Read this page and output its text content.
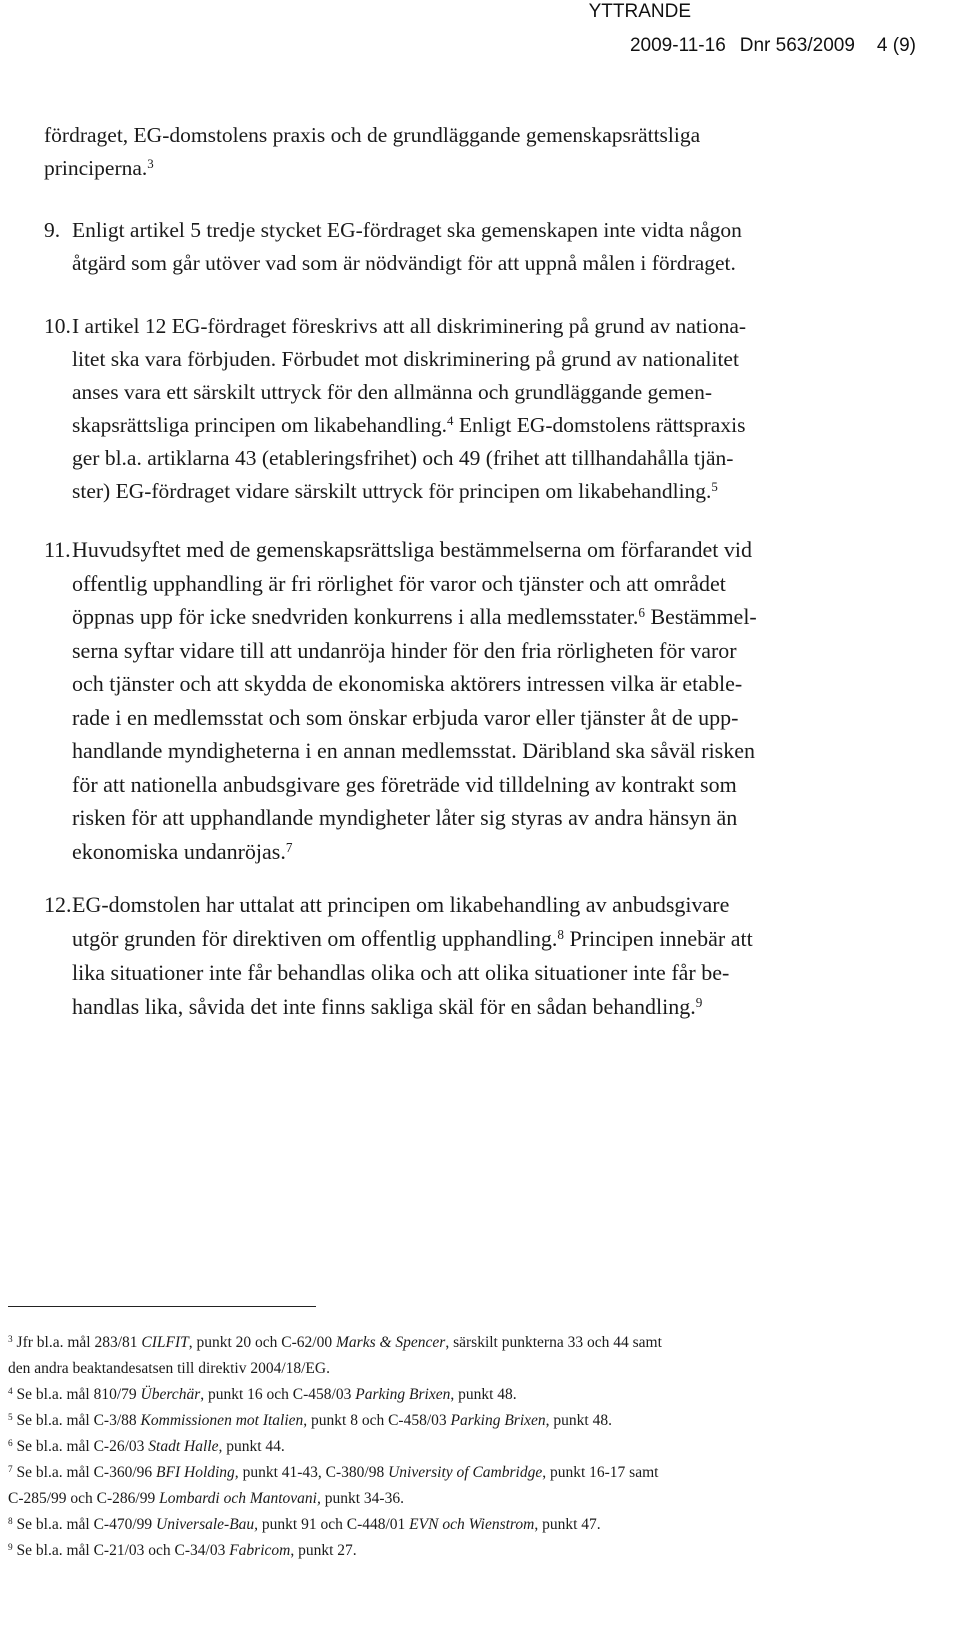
YTTRANDE
2009-11-16 Dnr 563/2009 4 (9)
fördraget, EG-domstolens praxis och de grundläggande gemenskapsrättsliga
principerna.$^3$
9. Enligt artikel 5 tredje stycket EG-fördraget ska gemenskapen inte vidta någon
åtgärd som går utöver vad som är nödvändigt för att uppnå målen i fördraget.
10.I artikel 12 EG-fördraget föreskrivs att all diskriminering på grund av nationa-
litet ska vara förbjuden. Förbudet mot diskriminering på grund av nationalitet
anses vara ett särskilt uttryck för den allmänna och grundläggande gemen-
skapsrättsliga principen om likabehandling.$^4$ Enligt EG-domstolens rättspraxis
ger bl.a. artiklarna 43 (etableringsfrihet) och 49 (frihet att tillhandahålla tjän-
ster) EG-fördraget vidare särskilt uttryck för principen om likabehandling.$^5$
11.Huvudsyftet med de gemenskapsrättsliga bestämmelserna om förfarandet vid
offentlig upphandling är fri rörlighet för varor och tjänster och att området
öppnas upp för icke snedvriden konkurrens i alla medlemsstater.$^6$ Bestämmel-
serna syftar vidare till att undanröja hinder för den fria rörligheten för varor
och tjänster och att skydda de ekonomiska aktörers intressen vilka är etable-
rade i en medlemsstat och som önskar erbjuda varor eller tjänster åt de upp-
handlande myndigheterna i en annan medlemsstat. Däribland ska såväl risken
för att nationella anbudsgivare ges företräde vid tilldelning av kontrakt som
risken för att upphandlande myndigheter låter sig styras av andra hänsyn än
ekonomiska undanröjas.$^7$
12.EG-domstolen har uttalat att principen om likabehandling av anbudsgivare
utgör grunden för direktiven om offentlig upphandling.$^8$ Principen innebär att
lika situationer inte får behandlas olika och att olika situationer inte får be-
handlas lika, såvida det inte finns sakliga skäl för en sådan behandling.$^9$
$^3$ Jfr bl.a. mål 283/81 CILFIT, punkt 20 och C-62/00 Marks & Spencer, särskilt punkterna 33 och 44 samt
den andra beaktandesatsen till direktiv 2004/18/EG.
$^4$ Se bl.a. mål 810/79 Überchär, punkt 16 och C-458/03 Parking Brixen, punkt 48.
$^5$ Se bl.a. mål C-3/88 Kommissionen mot Italien, punkt 8 och C-458/03 Parking Brixen, punkt 48.
$^6$ Se bl.a. mål C-26/03 Stadt Halle, punkt 44.
$^7$ Se bl.a. mål C-360/96 BFI Holding, punkt 41-43, C-380/98 University of Cambridge, punkt 16-17 samt
C-285/99 och C-286/99 Lombardi och Mantovani, punkt 34-36.
$^8$ Se bl.a. mål C-470/99 Universale-Bau, punkt 91 och C-448/01 EVN och Wienstrom, punkt 47.
$^9$ Se bl.a. mål C-21/03 och C-34/03 Fabricom, punkt 27.
